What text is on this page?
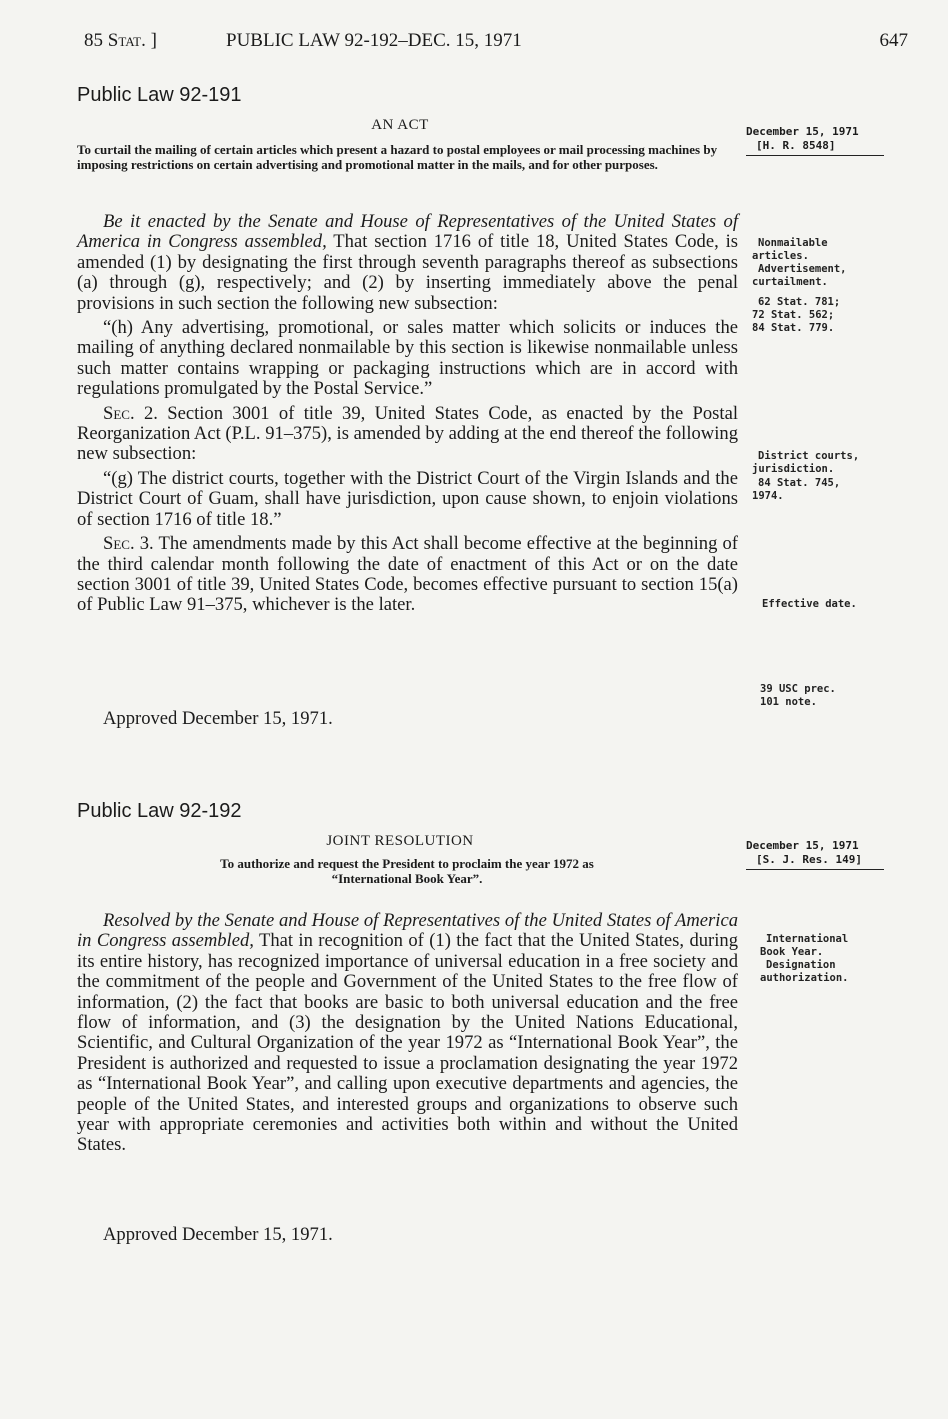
85 Stat. ]	PUBLIC LAW 92-192–DEC. 15, 1971	647
Public Law 92-191
AN ACT	December 15, 1971
[H. R. 8548]
To curtail the mailing of certain articles which present a hazard to postal employees or mail processing machines by imposing restrictions on certain advertising and promotional matter in the mails, and for other purposes.

Be it enacted by the Senate and House of Representatives of the United States of America in Congress assembled, That section 1716 of title 18, United States Code, is amended (1) by designating the first through seventh paragraphs thereof as subsections (a) through (g), respectively; and (2) by inserting immediately above the penal provisions in such section the following new subsection:

“(h) Any advertising, promotional, or sales matter which solicits or induces the mailing of anything declared nonmailable by this section is likewise nonmailable unless such matter contains wrapping or packaging instructions which are in accord with regulations promulgated by the Postal Service.”

Sec. 2. Section 3001 of title 39, United States Code, as enacted by the Postal Reorganization Act (P.L. 91–375), is amended by adding at the end thereof the following new subsection:

“(g) The district courts, together with the District Court of the Virgin Islands and the District Court of Guam, shall have jurisdiction, upon cause shown, to enjoin violations of section 1716 of title 18.”

Sec. 3. The amendments made by this Act shall become effective at the beginning of the third calendar month following the date of enactment of this Act or on the date section 3001 of title 39, United States Code, becomes effective pursuant to section 15(a) of Public Law 91–375, whichever is the later.

Approved December 15, 1971.
Nonmailable
articles.
Advertisement,
curtailment.
62 Stat. 781;
72 Stat. 562;
84 Stat. 779.
District courts,
jurisdiction.
84 Stat. 745,
1974.
Effective date.
39 USC prec.
101 note.
Public Law 92-192
JOINT RESOLUTION	December 15, 1971
[S. J. Res. 149]
To authorize and request the President to proclaim the year 1972 as
“International Book Year”.

Resolved by the Senate and House of Representatives of the United States of America in Congress assembled, That in recognition of (1) the fact that the United States, during its entire history, has recognized importance of universal education in a free society and the commitment of the people and Government of the United States to the free flow of information, (2) the fact that books are basic to both universal education and the free flow of information, and (3) the designation by the United Nations Educational, Scientific, and Cultural Organization of the year 1972 as “International Book Year”, the President is authorized and requested to issue a proclamation designating the year 1972 as “International Book Year”, and calling upon executive departments and agencies, the people of the United States, and interested groups and organizations to observe such year with appropriate ceremonies and activities both within and without the United States.

Approved December 15, 1971.
International
Book Year.
Designation
authorization.
